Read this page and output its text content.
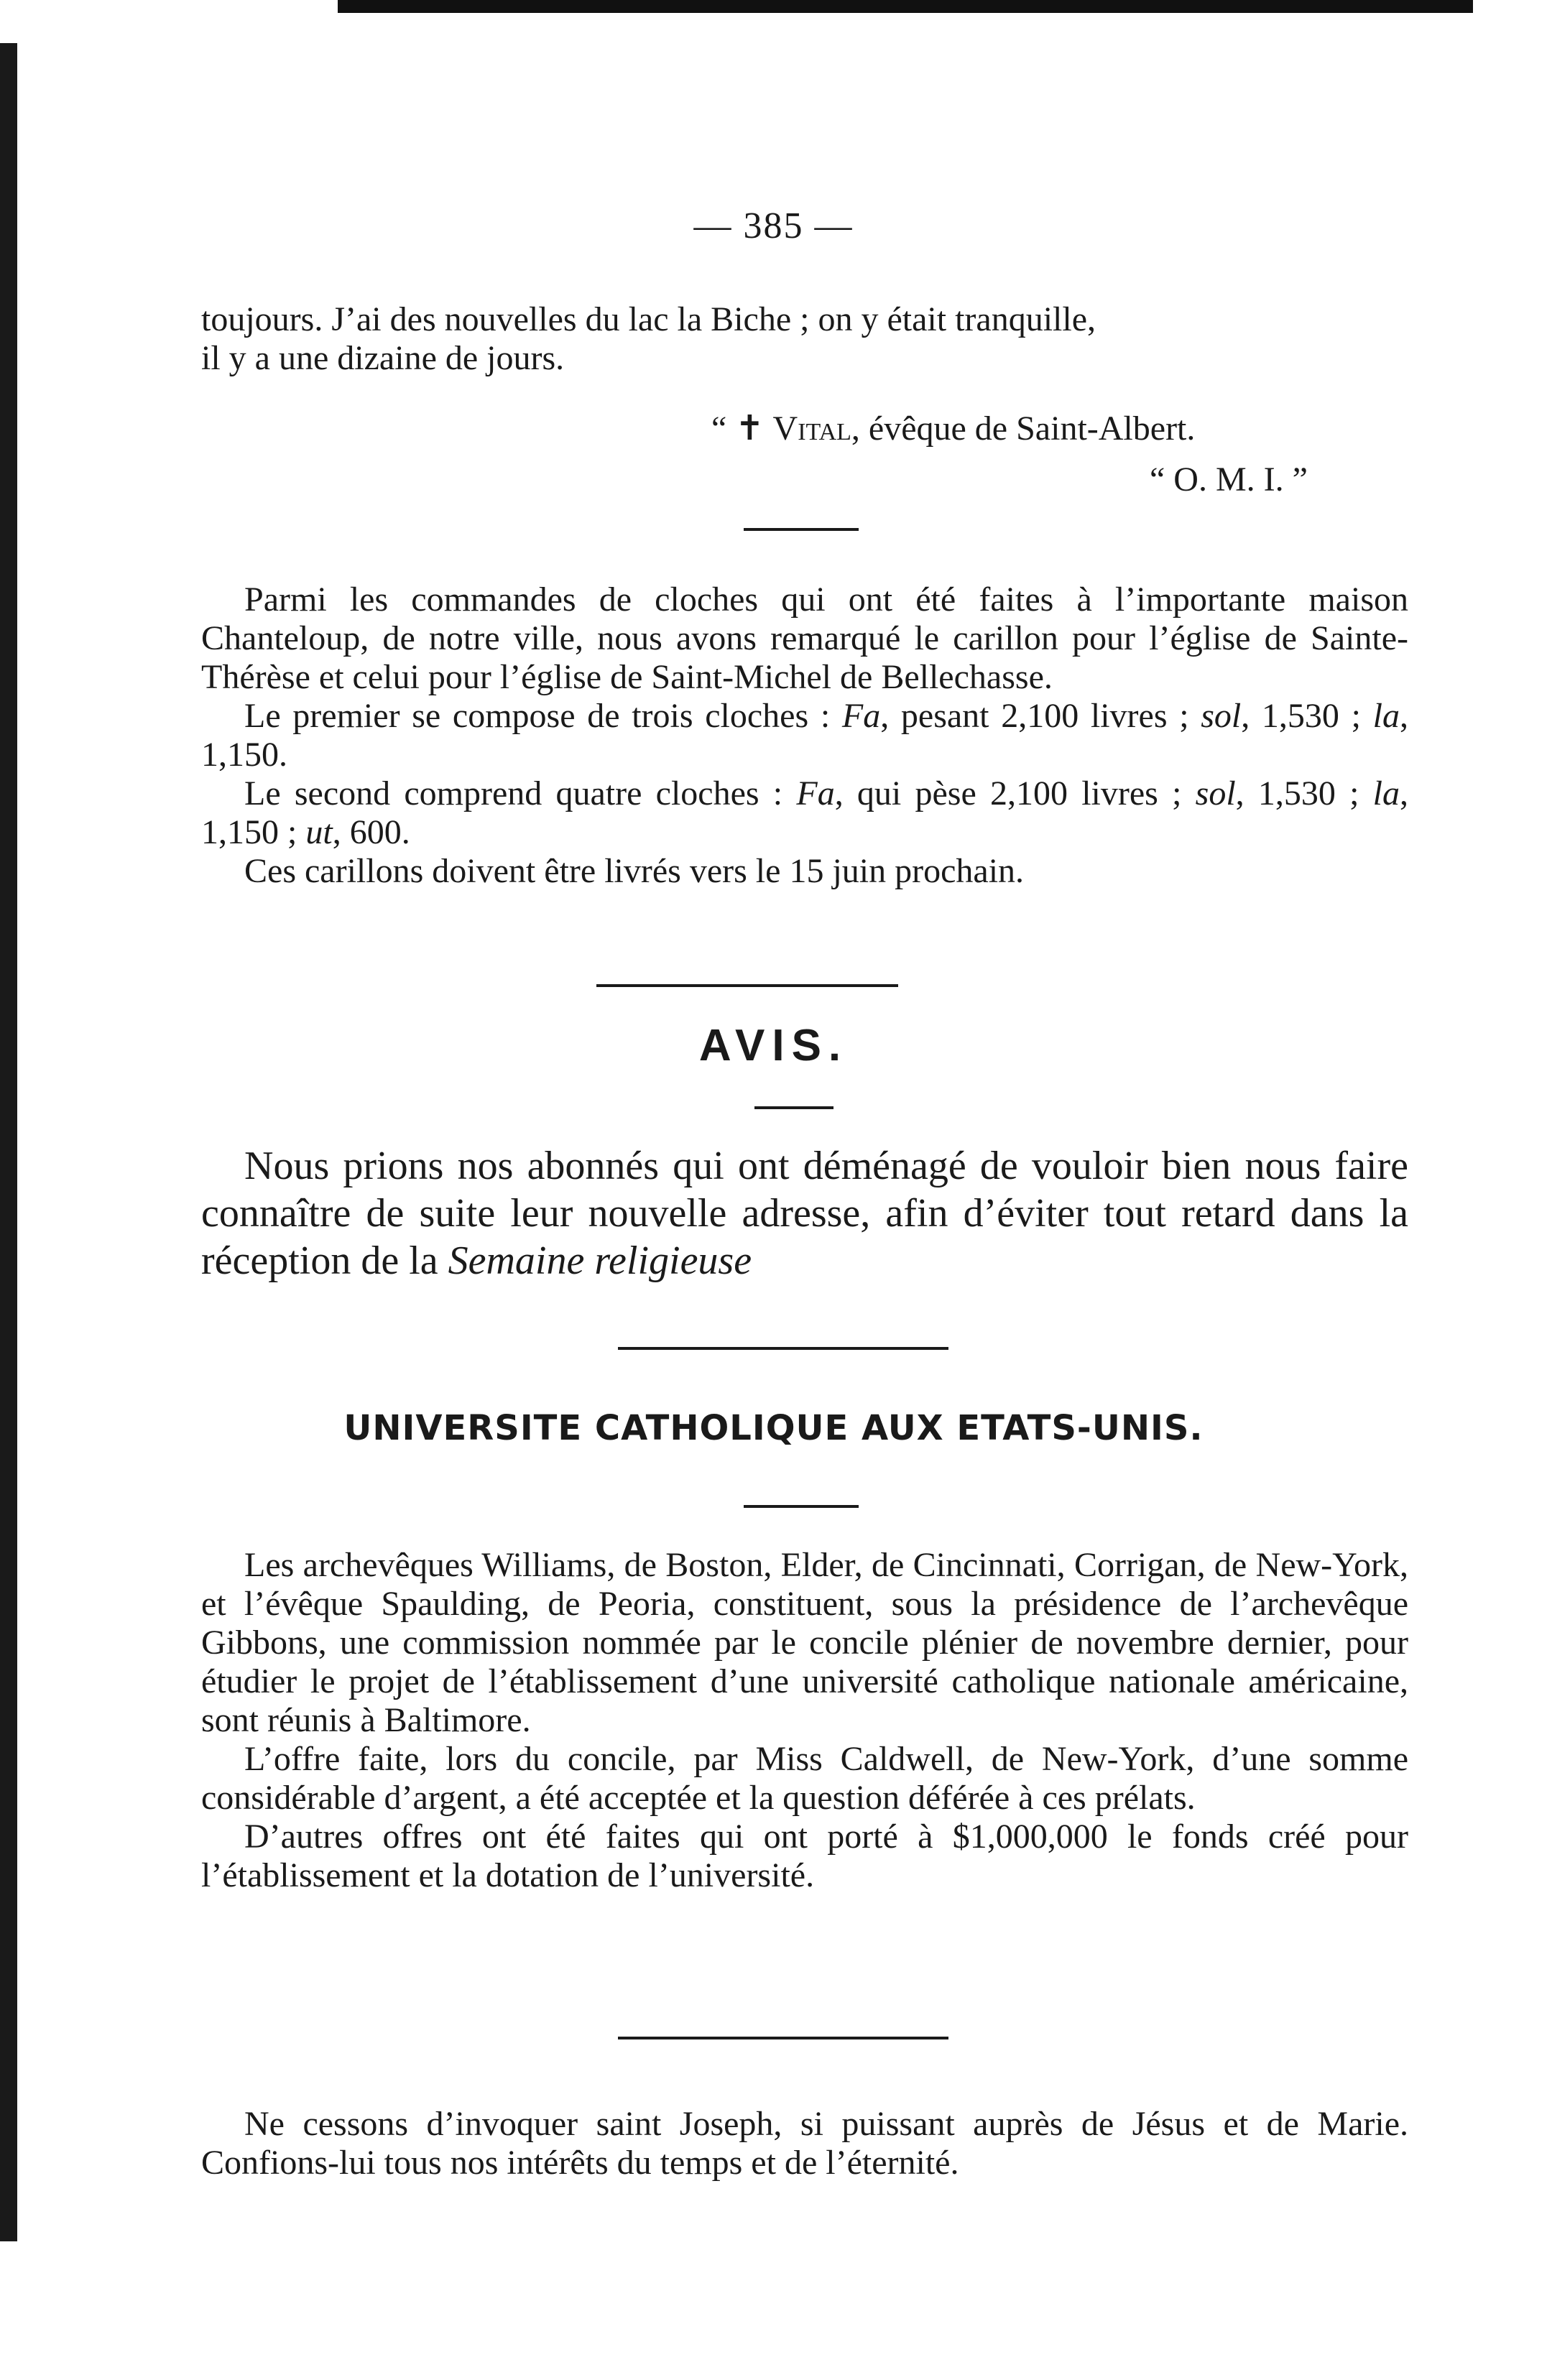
— 385 —

toujours. J’ai des nouvelles du lac la Biche ; on y était tranquille,

il y a une dizaine de jours.

“ ✝ Vital, évêque de Saint-Albert.
“ O. M. I. ”

Parmi les commandes de cloches qui ont été faites à l’importante maison Chanteloup, de notre ville, nous avons remarqué le carillon pour l’église de Sainte-Thérèse et celui pour l’église de Saint-Michel de Bellechasse.

Le premier se compose de trois cloches : Fa, pesant 2,100 livres ; sol, 1,530 ; la, 1,150.

Le second comprend quatre cloches : Fa, qui pèse 2,100 livres ; sol, 1,530 ; la, 1,150 ; ut, 600.

Ces carillons doivent être livrés vers le 15 juin prochain.

AVIS.

Nous prions nos abonnés qui ont déménagé de vouloir bien nous faire connaître de suite leur nouvelle adresse, afin d’éviter tout retard dans la réception de la Semaine religieuse

UNIVERSITE CATHOLIQUE AUX ETATS-UNIS.

Les archevêques Williams, de Boston, Elder, de Cincinnati, Corrigan, de New-York, et l’évêque Spaulding, de Peoria, constituent, sous la présidence de l’archevêque Gibbons, une commission nommée par le concile plénier de novembre dernier, pour étudier le projet de l’établissement d’une université catholique nationale américaine, sont réunis à Baltimore.

L’offre faite, lors du concile, par Miss Caldwell, de New-York, d’une somme considérable d’argent, a été acceptée et la question déférée à ces prélats.

D’autres offres ont été faites qui ont porté à $1,000,000 le fonds créé pour l’établissement et la dotation de l’université.

Ne cessons d’invoquer saint Joseph, si puissant auprès de Jésus et de Marie. Confions-lui tous nos intérêts du temps et de l’éternité.
